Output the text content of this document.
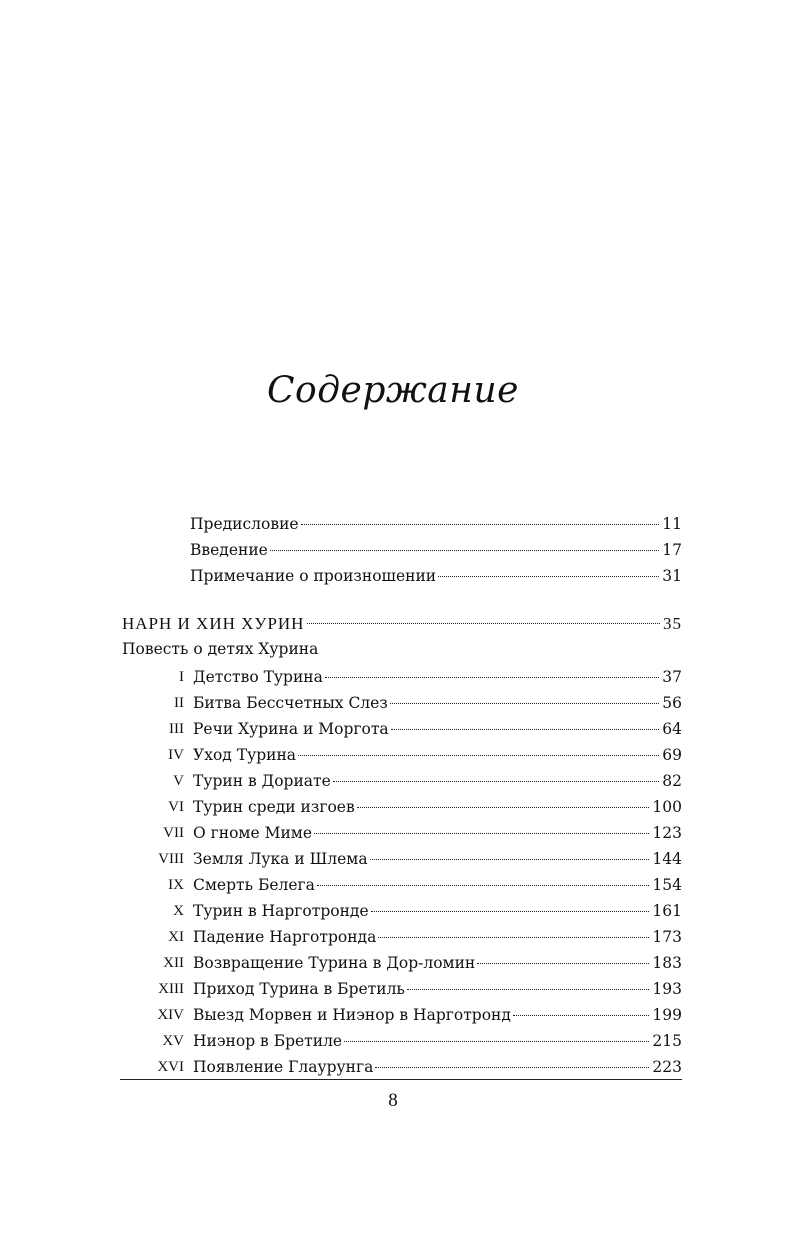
Содержание
Предисловие	11
Введение	17
Примечание о произношении	31
НАРН И ХИН ХУРИН	35
Повесть о детях Хурина
I Детство Турина	37
II Битва Бессчетных Слез	56
III Речи Хурина и Моргота	64
IV Уход Турина	69
V Турин в Дориате	82
VI Турин среди изгоев	100
VII О гноме Миме	123
VIII Земля Лука и Шлема	144
IX Смерть Белега	154
X Турин в Нарготронде	161
XI Падение Нарготронда	173
XII Возвращение Турина в Дор-ломин	183
XIII Приход Турина в Бретиль	193
XIV Выезд Морвен и Ниэнор в Нарготронд	199
XV Ниэнор в Бретиле	215
XVI Появление Глаурунга	223
8
